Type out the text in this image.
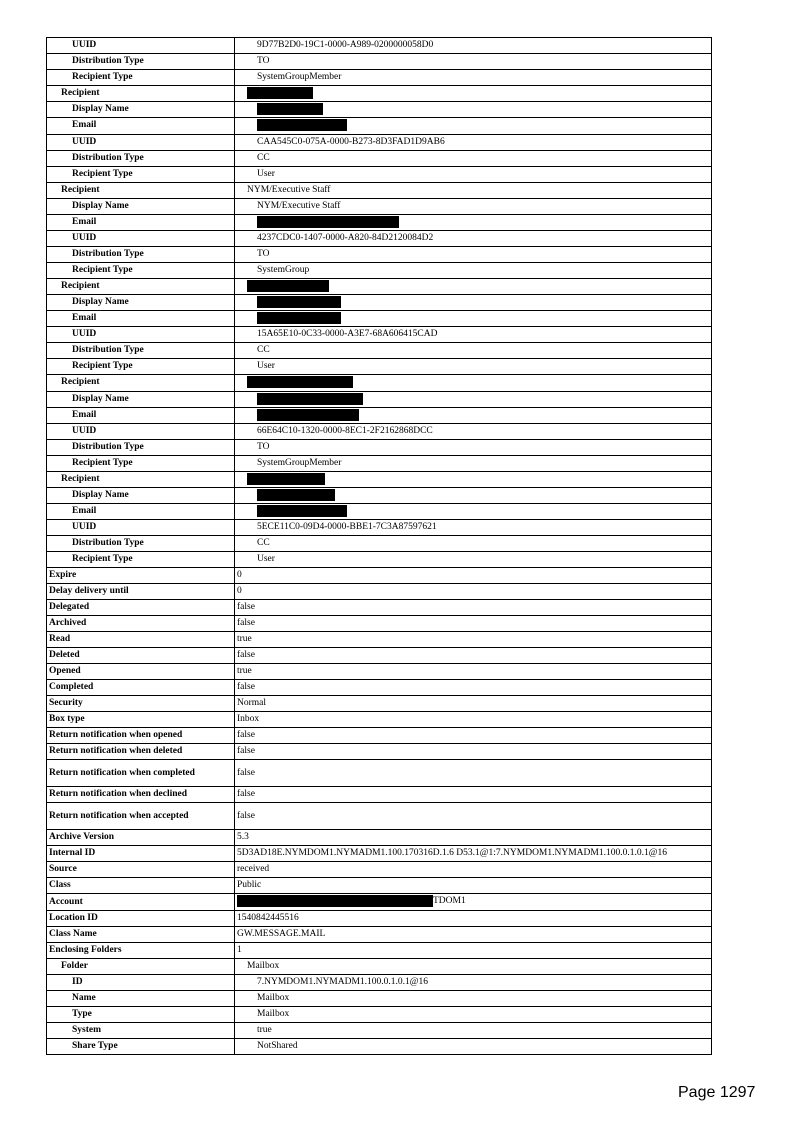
UUID	9D77B2D0-19C1-0000-A989-0200000058D0
Distribution Type	TO
Recipient Type	SystemGroupMember
Recipient	
Display Name	
Email	
UUID	CAA545C0-075A-0000-B273-8D3FAD1D9AB6
Distribution Type	CC
Recipient Type	User
Recipient	NYM/Executive Staff
Display Name	NYM/Executive Staff
Email	
UUID	4237CDC0-1407-0000-A820-84D2120084D2
Distribution Type	TO
Recipient Type	SystemGroup
Recipient	
Display Name	
Email	
UUID	15A65E10-0C33-0000-A3E7-68A606415CAD
Distribution Type	CC
Recipient Type	User
Recipient	
Display Name	
Email	
UUID	66E64C10-1320-0000-8EC1-2F2162868DCC
Distribution Type	TO
Recipient Type	SystemGroupMember
Recipient	
Display Name	
Email	
UUID	5ECE11C0-09D4-0000-BBE1-7C3A87597621
Distribution Type	CC
Recipient Type	User
Expire	0
Delay delivery until	0
Delegated	false
Archived	false
Read	true
Deleted	false
Opened	true
Completed	false
Security	Normal
Box type	Inbox
Return notification when opened	false
Return notification when deleted	false
Return notification when completed	false
Return notification when declined	false
Return notification when accepted	false
Archive Version	5.3
Internal ID	5D3AD18E.NYMDOM1.NYMADM1.100.170316D.1.6 D53.1@1:7.NYMDOM1.NYMADM1.100.0.1.0.1@16
Source	received
Class	Public
Account	TDOM1
Location ID	1540842445516
Class Name	GW.MESSAGE.MAIL
Enclosing Folders	1
Folder	Mailbox
ID	7.NYMDOM1.NYMADM1.100.0.1.0.1@16
Name	Mailbox
Type	Mailbox
System	true
Share Type	NotShared
Page 1297
